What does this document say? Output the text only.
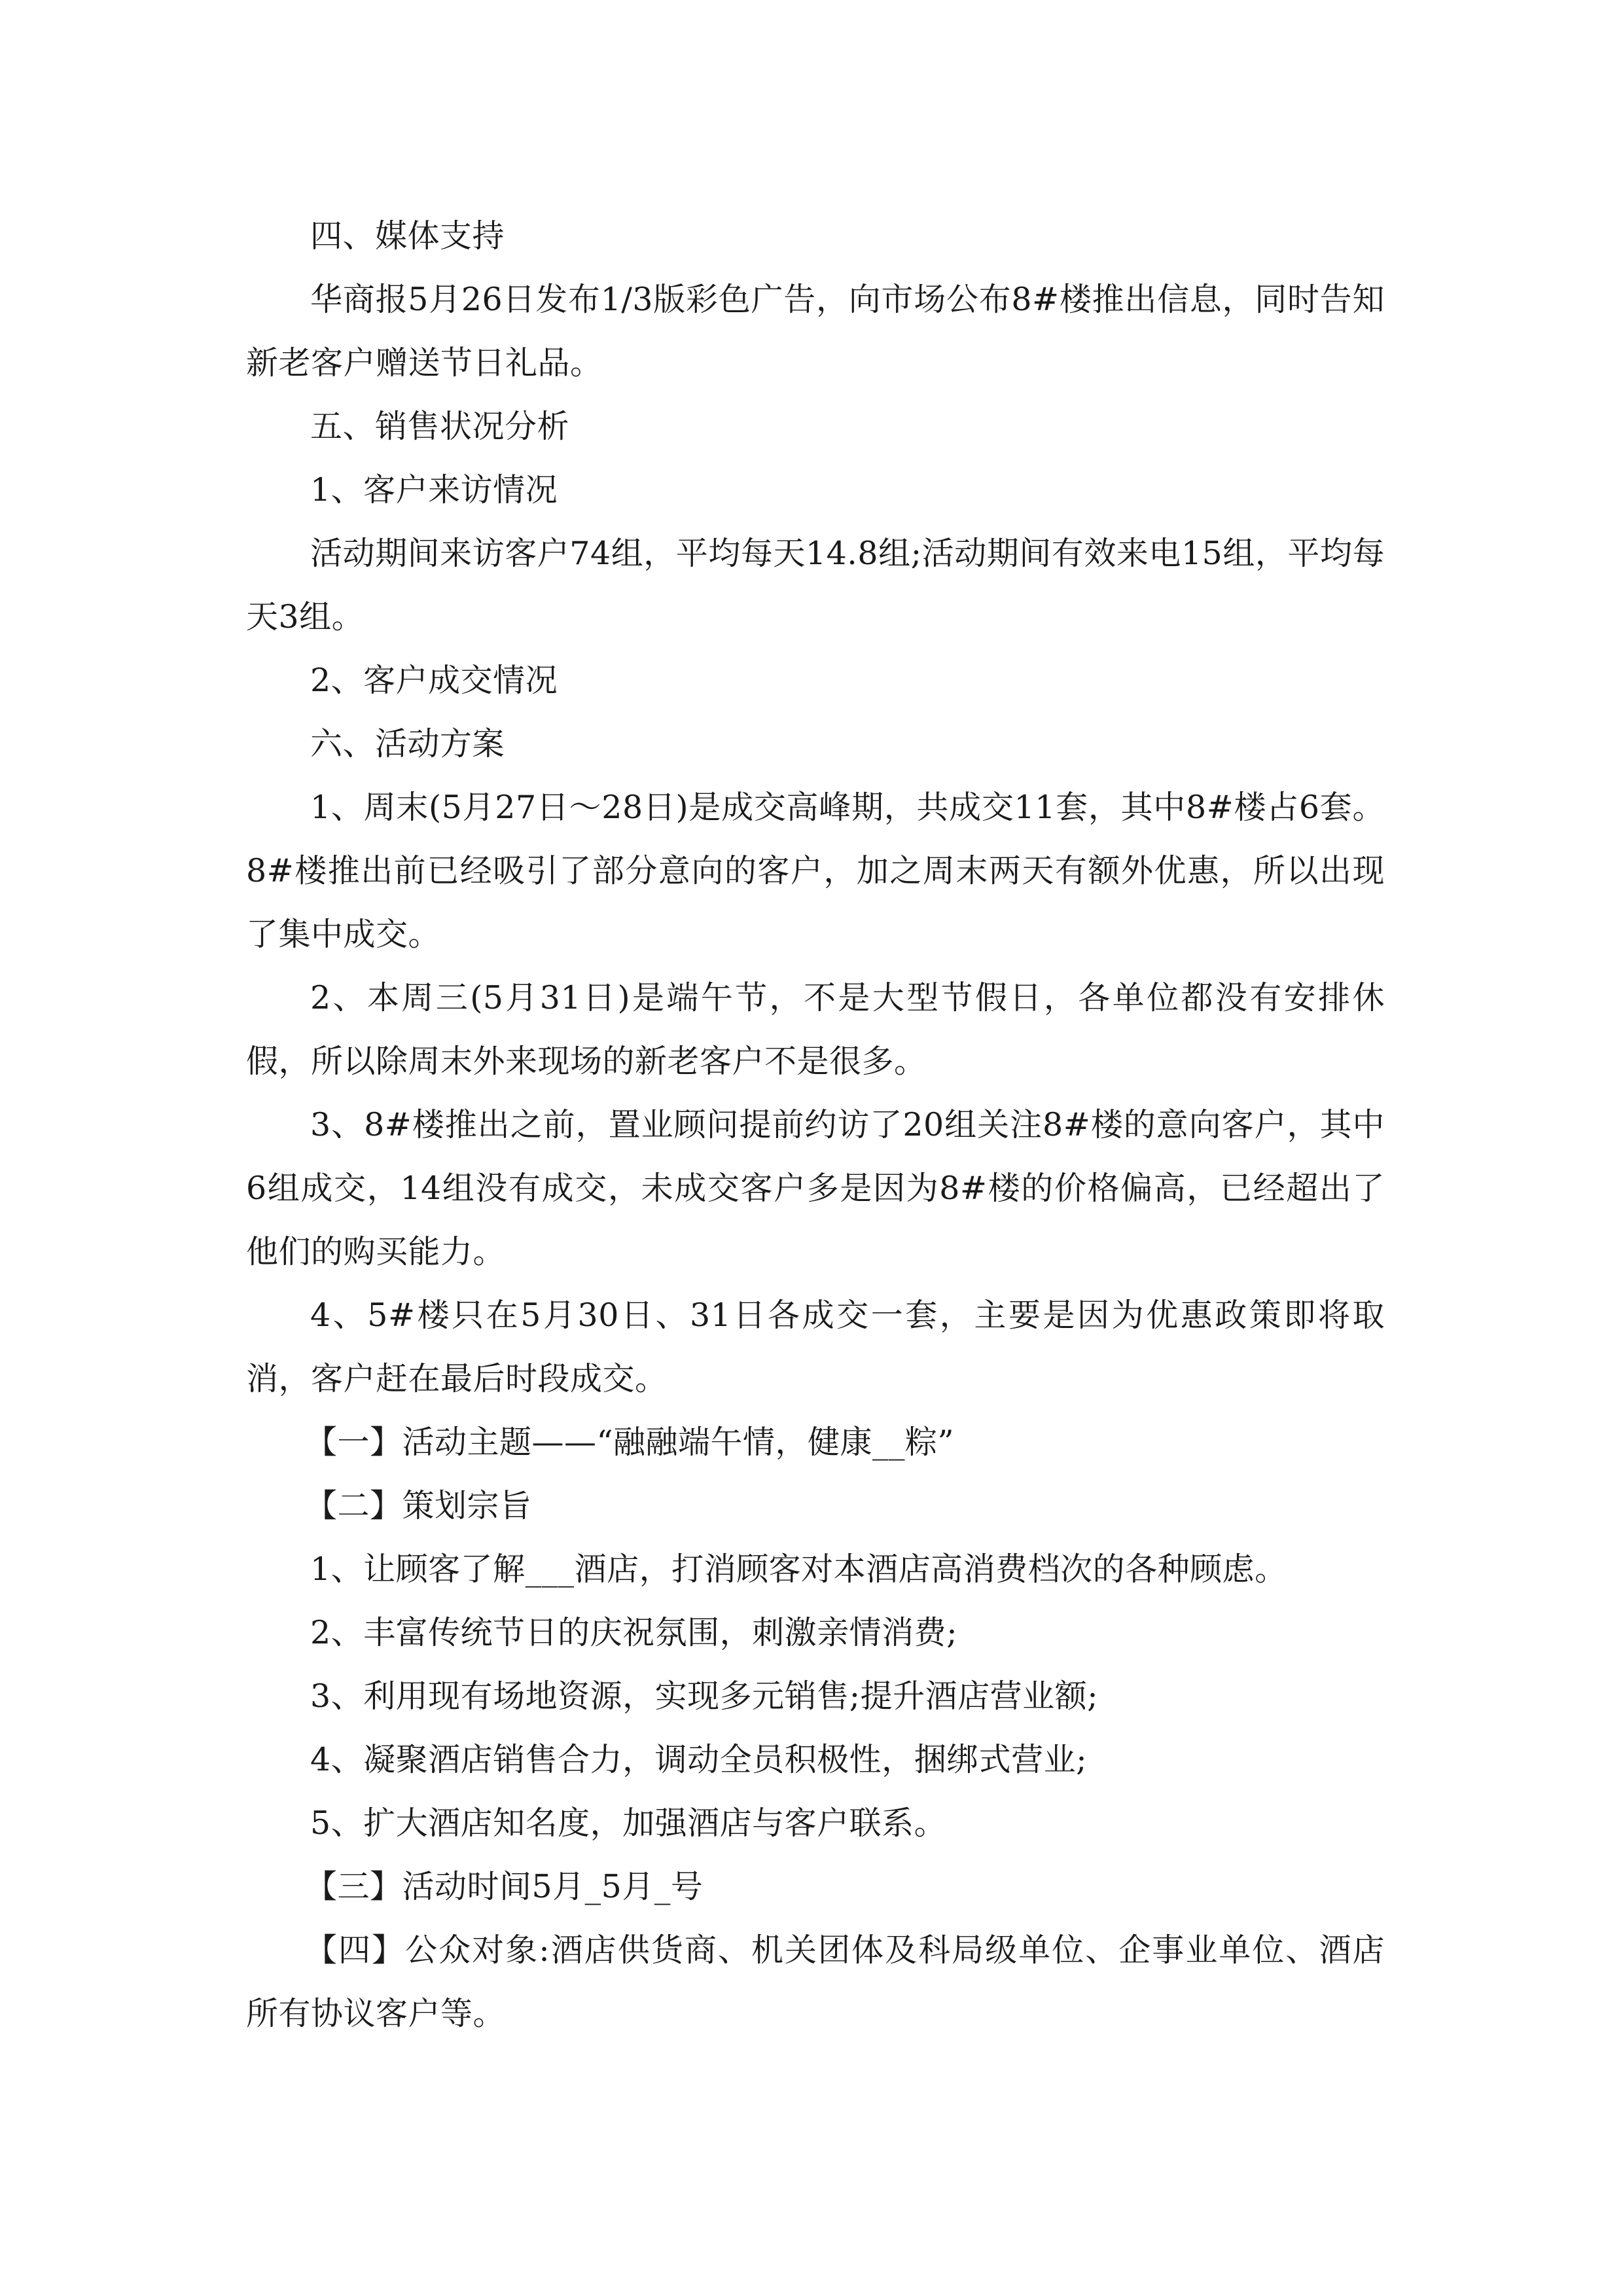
四、媒体支持

华商报5月26日发布1/3版彩色广告，向市场公布8#楼推出信息，同时告知新老客户赠送节日礼品。

五、销售状况分析

1、客户来访情况

活动期间来访客户74组，平均每天14.8组;活动期间有效来电15组，平均每天3组。

2、客户成交情况

六、活动方案

1、周末(5月27日～28日)是成交高峰期，共成交11套，其中8#楼占6套。8#楼推出前已经吸引了部分意向的客户，加之周末两天有额外优惠，所以出现了集中成交。

2、本周三(5月31日)是端午节，不是大型节假日，各单位都没有安排休假，所以除周末外来现场的新老客户不是很多。

3、8#楼推出之前，置业顾问提前约访了20组关注8#楼的意向客户，其中6组成交，14组没有成交，未成交客户多是因为8#楼的价格偏高，已经超出了他们的购买能力。

4、5#楼只在5月30日、31日各成交一套，主要是因为优惠政策即将取消，客户赶在最后时段成交。

【一】活动主题——“融融端午情，健康__粽”

【二】策划宗旨

1、让顾客了解___酒店，打消顾客对本酒店高消费档次的各种顾虑。

2、丰富传统节日的庆祝氛围，刺激亲情消费;

3、利用现有场地资源，实现多元销售;提升酒店营业额;

4、凝聚酒店销售合力，调动全员积极性，捆绑式营业;

5、扩大酒店知名度，加强酒店与客户联系。

【三】活动时间5月_5月_号

【四】公众对象:酒店供货商、机关团体及科局级单位、企事业单位、酒店所有协议客户等。
